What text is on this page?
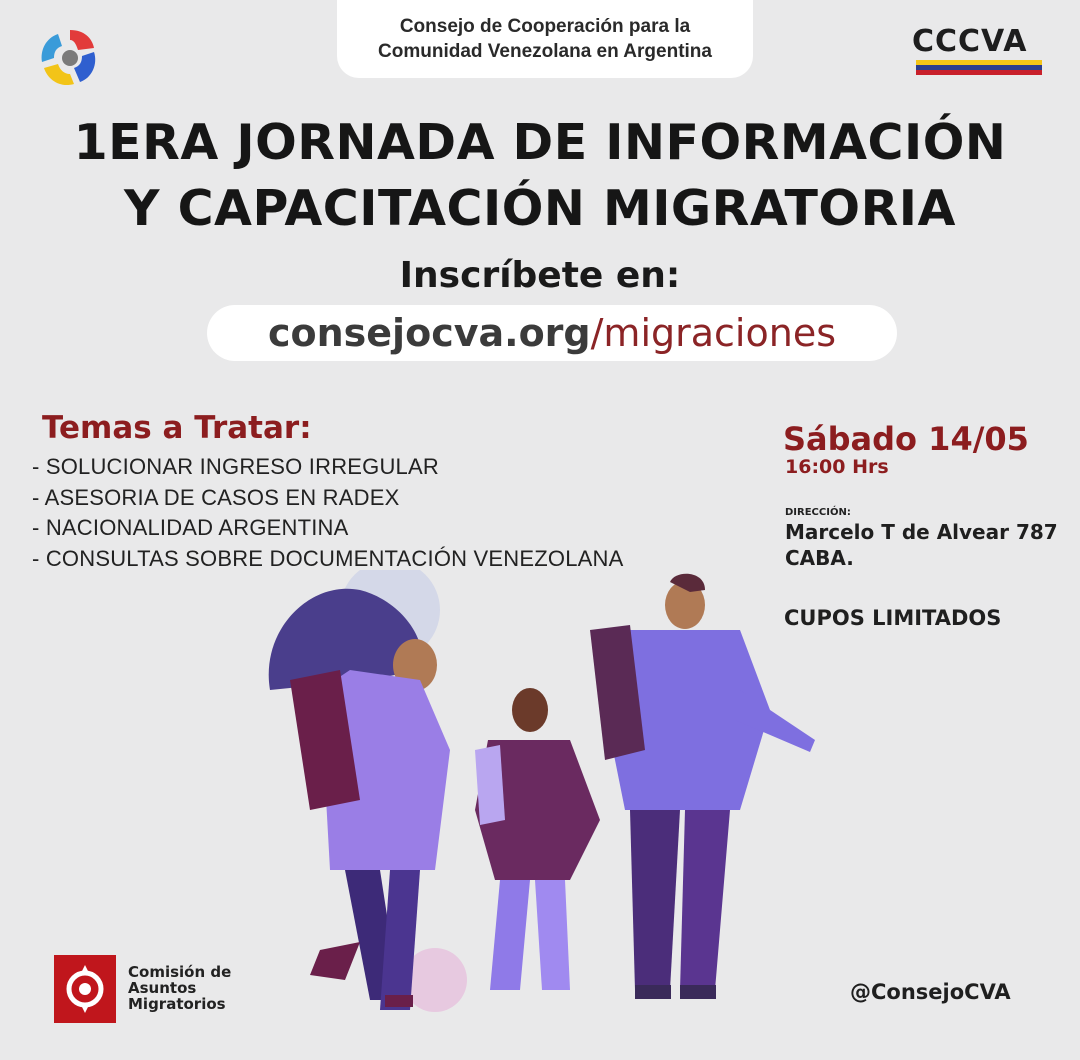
Consejo de Cooperación para la
Comunidad Venezolana en Argentina	CCCVA
1ERA JORNADA DE INFORMACIÓN
Y CAPACITACIÓN MIGRATORIA
Inscríbete en:
consejocva.org /migraciones
Temas a Tratar:
- SOLUCIONAR INGRESO IRREGULAR
- ASESORIA DE CASOS EN RADEX
- NACIONALIDAD ARGENTINA
- CONSULTAS SOBRE DOCUMENTACIÓN VENEZOLANA
Sábado 14/05
16:00 Hrs
DIRECCIÓN:
Marcelo T de Alvear 787
CABA.
CUPOS LIMITADOS
Comisión de
Asuntos
Migratorios	@ConsejoCVA
